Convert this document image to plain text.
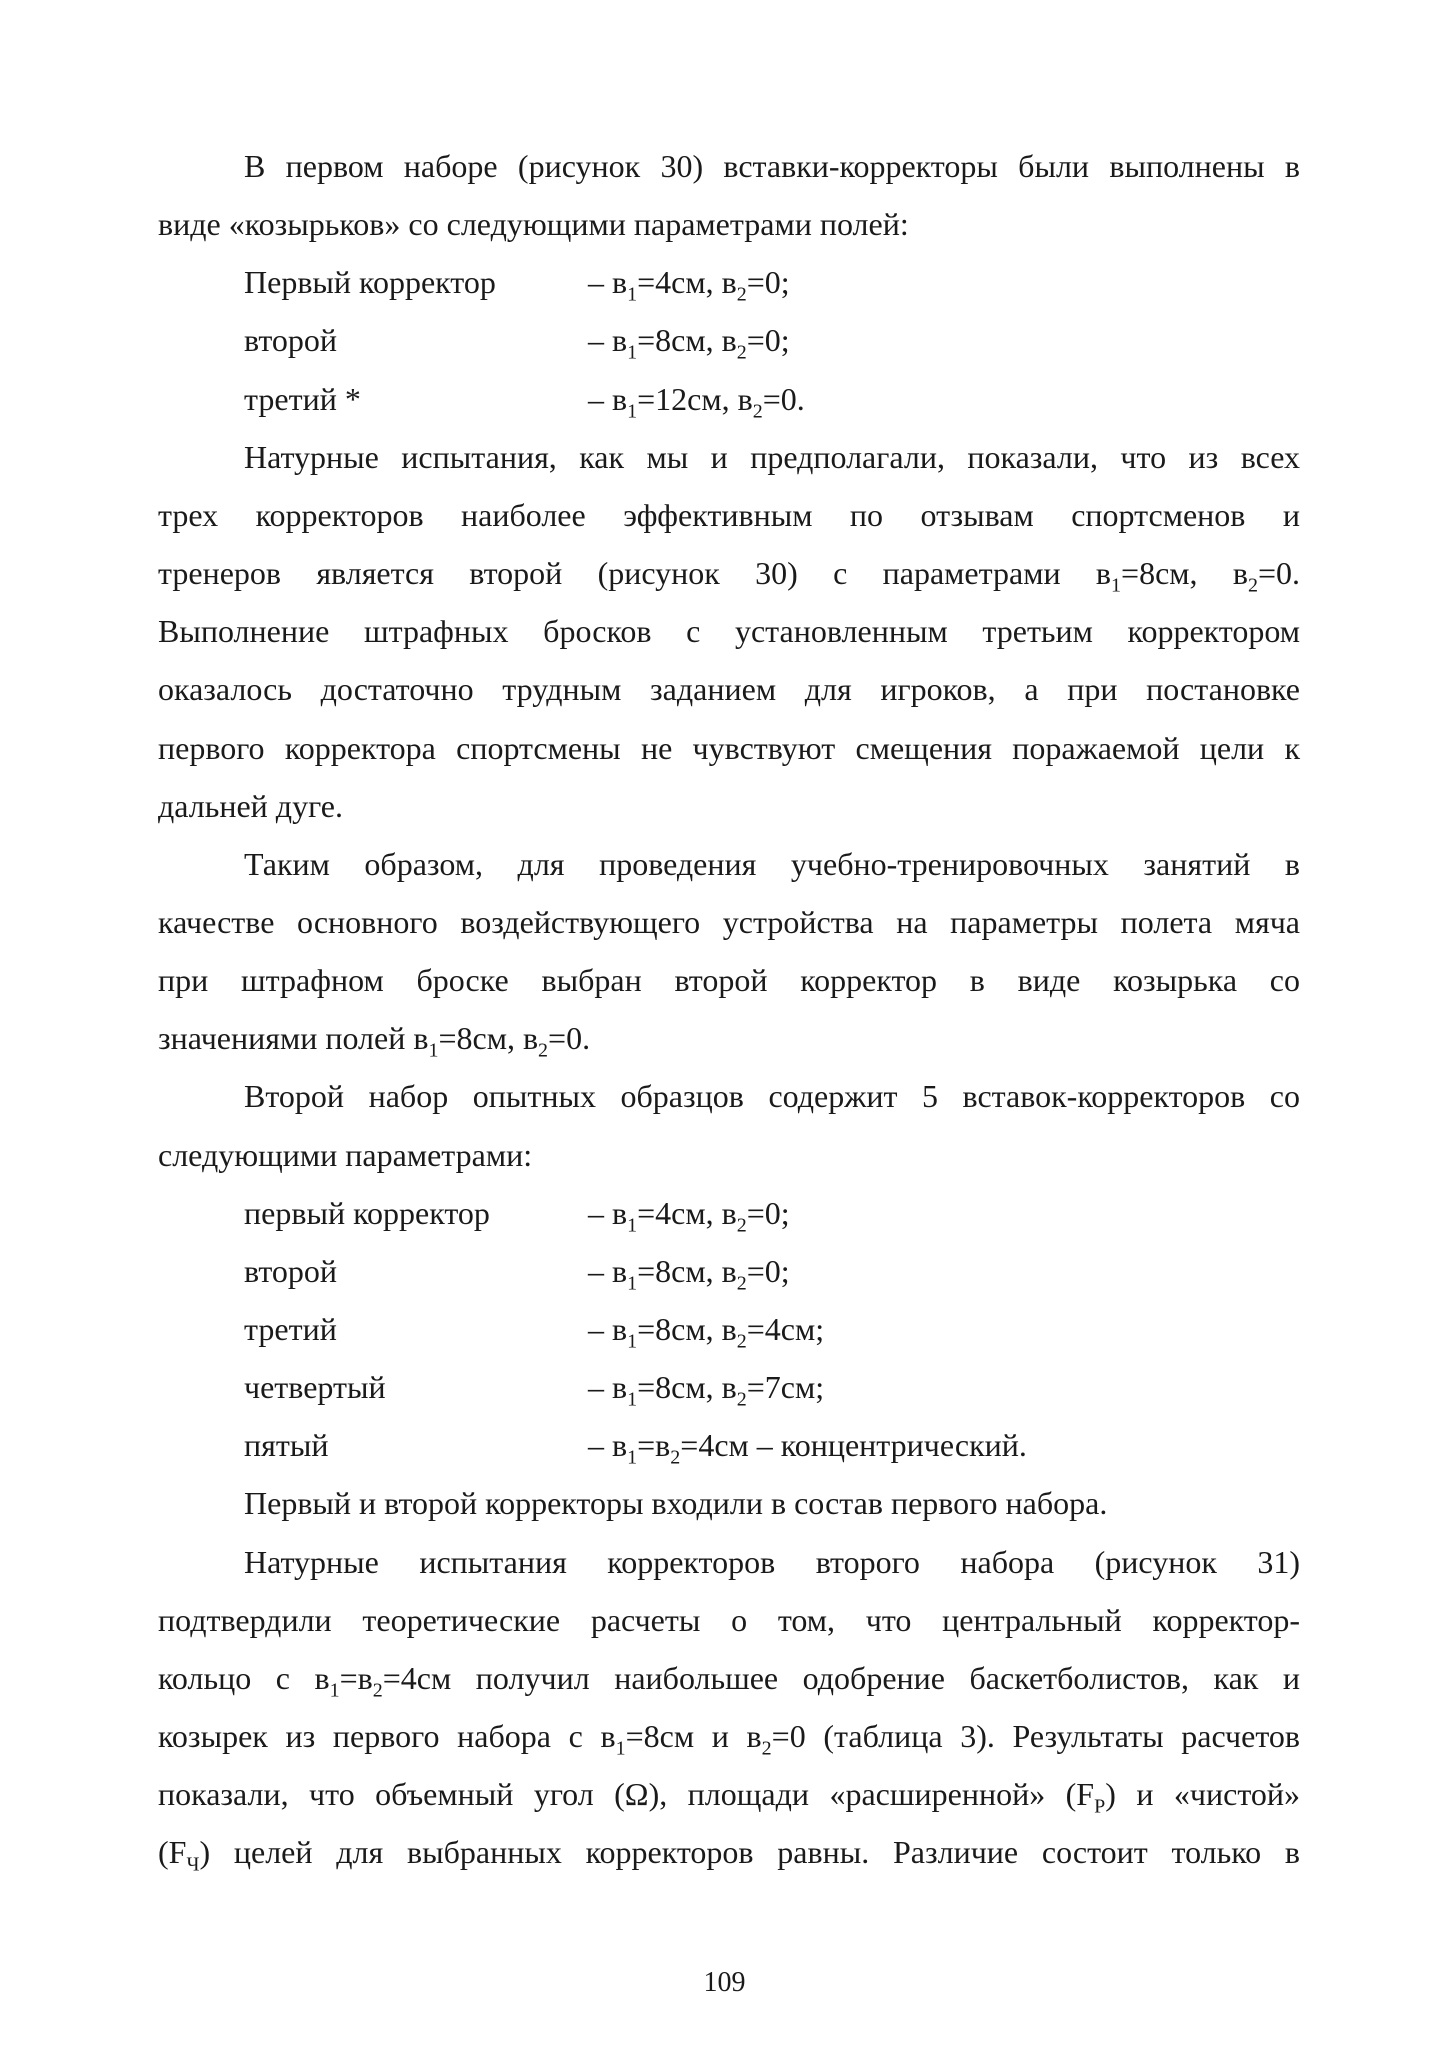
В первом наборе (рисунок 30) вставки-корректоры были выполнены в
виде «козырьков» со следующими параметрами полей:
Первый корректор	– $в_1=4см$, $в_2=0$;
второй	– $в_1=8см$, $в_2=0$;
третий *	– $в_1=12см$, $в_2=0$.
Натурные испытания, как мы и предполагали, показали, что из всех
трех корректоров наиболее эффективным по отзывам спортсменов и
тренеров является второй (рисунок 30) с параметрами $в_1=8см$, $в_2=0$.
Выполнение штрафных бросков с установленным третьим корректором
оказалось достаточно трудным заданием для игроков, а при постановке
первого корректора спортсмены не чувствуют смещения поражаемой цели к
дальней дуге.
Таким образом, для проведения учебно-тренировочных занятий в
качестве основного воздействующего устройства на параметры полета мяча
при штрафном броске выбран второй корректор в виде козырька со
значениями полей $в_1=8см$, $в_2=0$.
Второй набор опытных образцов содержит 5 вставок-корректоров со
следующими параметрами:
первый корректор	– $в_1=4см$, $в_2=0$;
второй	– $в_1=8см$, $в_2=0$;
третий	– $в_1=8см$, $в_2=4см$;
четвертый	– $в_1=8см$, $в_2=7см$;
пятый	– $в_1=в_2=4см$ – концентрический.
Первый и второй корректоры входили в состав первого набора.
Натурные испытания корректоров второго набора (рисунок 31)
подтвердили теоретические расчеты о том, что центральный корректор-
кольцо с $в_1=в_2=4см$ получил наибольшее одобрение баскетболистов, как и
козырек из первого набора с $в_1=8см$ и $в_2=0$ (таблица 3). Результаты расчетов
показали, что объемный угол (Ω), площади «расширенной» $(F_Р)$ и «чистой»
$(F_Ч)$ целей для выбранных корректоров равны. Различие состоит только в
109
